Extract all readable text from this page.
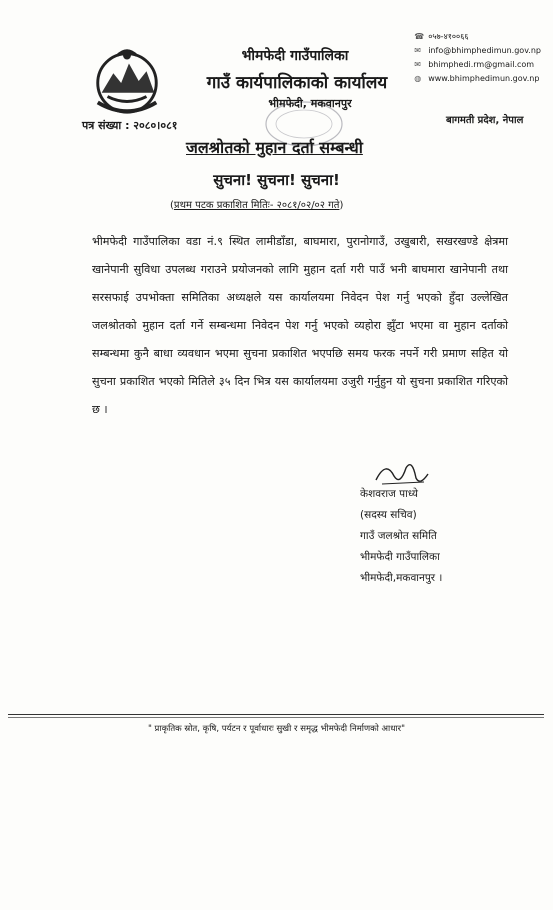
भीमफेदी गाउँपालिका
गाउँ कार्यपालिकाको कार्यालय
भीमफेदी, मकवानपुर
पत्र संख्या : २०८०।०८१
☎ ०५७-४१००६६
✉ info@bhimphedimun.gov.np
✉ bhimphedi.rm@gmail.com
◍ www.bhimphedimun.gov.np
बागमती प्रदेश, नेपाल
जलश्रोतको मुहान दर्ता सम्बन्धी
सुचना! सुचना! सुचना!
(प्रथम पटक प्रकाशित मितिः- २०८१/०२/०२ गते)
भीमफेदी गाउँपालिका वडा नं.९ स्थित लामीडाँडा, बाघमारा, पुरानोगाउँ, उखुबारी, सखरखण्डे क्षेत्रमा खानेपानी सुविधा उपलब्ध गराउने प्रयोजनको लागि मुहान दर्ता गरी पाउँ भनी बाघमारा खानेपानी तथा सरसफाई उपभोक्ता समितिका अध्यक्षले यस कार्यालयमा निवेदन पेश गर्नु भएको हुँदा उल्लेखित जलश्रोतको मुहान दर्ता गर्ने सम्बन्धमा निवेदन पेश गर्नु भएको व्यहोरा झुँटा भएमा वा मुहान दर्ताको सम्बन्धमा कुनै बाधा व्यवधान भएमा सुचना प्रकाशित भएपछि समय फरक नपर्ने गरी प्रमाण सहित यो सुचना प्रकाशित भएको मितिले ३५ दिन भित्र यस कार्यालयमा उजुरी गर्नुहुन यो सुचना प्रकाशित गरिएको छ ।
केशवराज पाध्ये
(सदस्य सचिव)
गाउँ जलश्रोत समिति
भीमफेदी गाउँपालिका
भीमफेदी,मकवानपुर ।
" प्राकृतिक स्रोत, कृषि, पर्यटन र पूर्वाधारः सुखी र समृद्ध भीमफेदी निर्माणको आधार"
